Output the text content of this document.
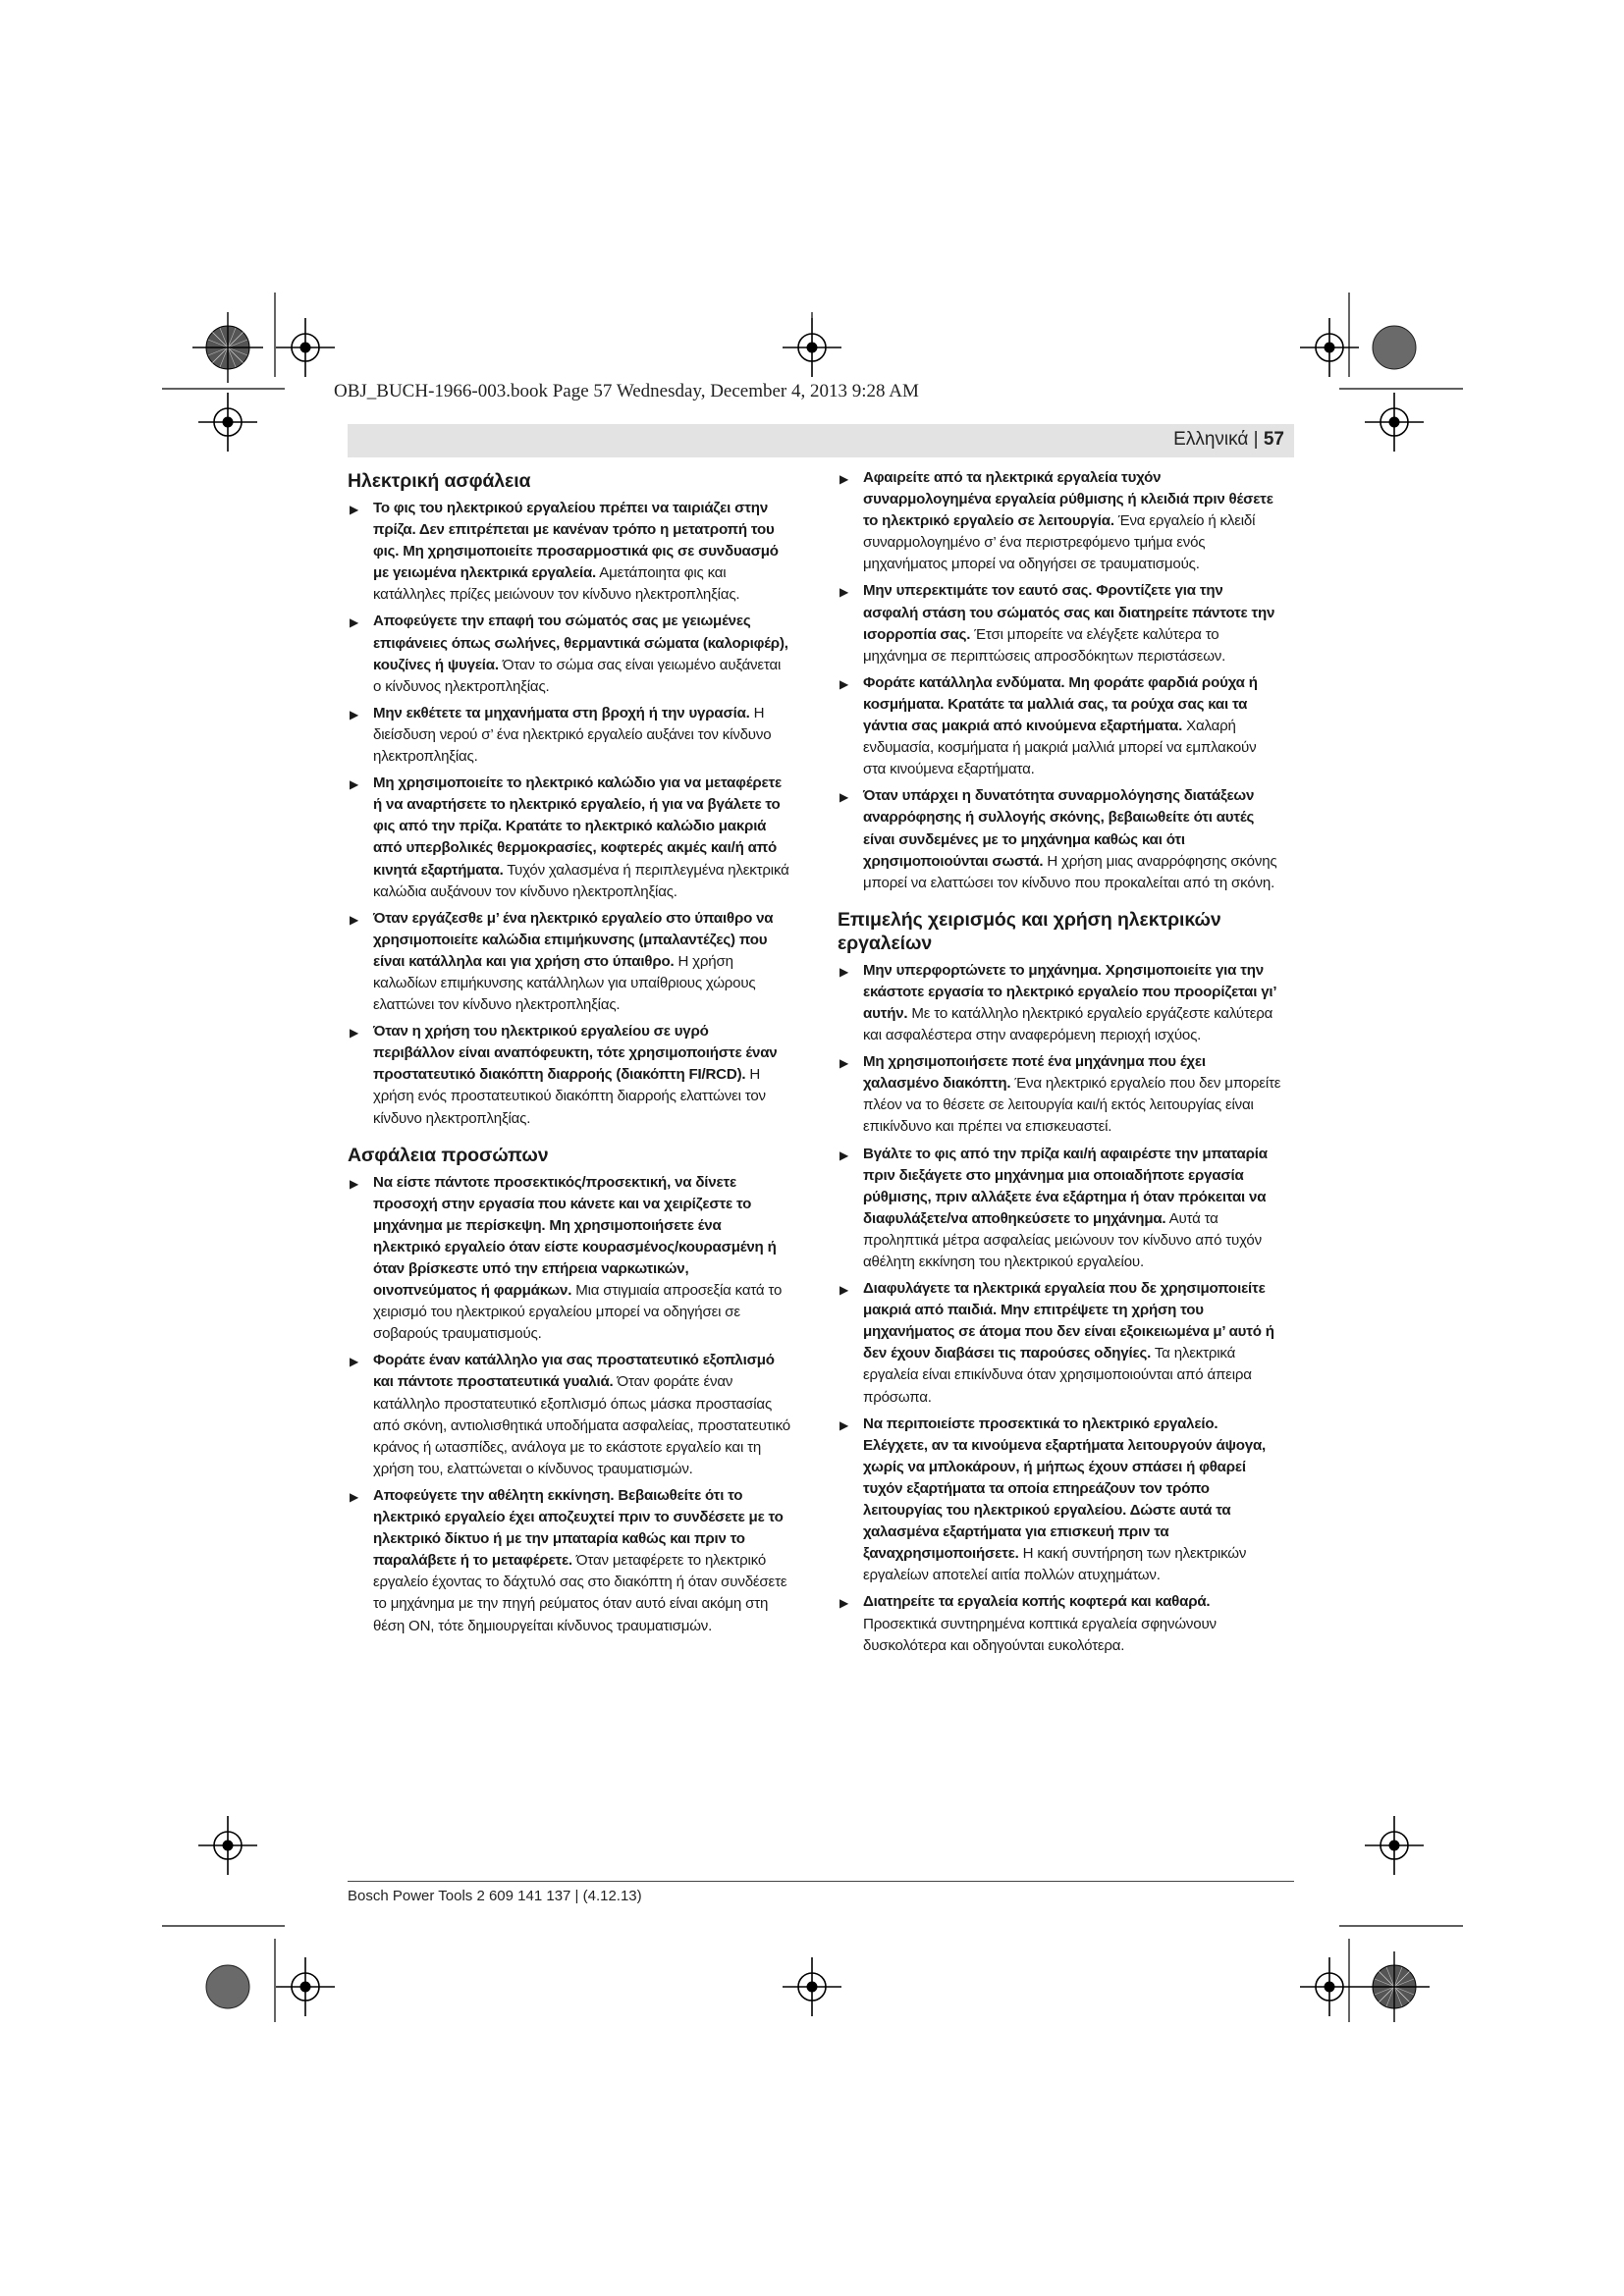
OBJ_BUCH-1966-003.book Page 57 Wednesday, December 4, 2013 9:28 AM
Ελληνικά | 57
Ηλεκτρική ασφάλεια

▶ Το φις του ηλεκτρικού εργαλείου πρέπει να ταιριάζει στην πρίζα. Δεν επιτρέπεται με κανέναν τρόπο η μετατροπή του φις. Μη χρησιμοποιείτε προσαρμοστικά φις σε συνδυασμό με γειωμένα ηλεκτρικά εργαλεία. Αμετάποιητα φις και κατάλληλες πρίζες μειώνουν τον κίνδυνο ηλεκτροπληξίας.

▶ Αποφεύγετε την επαφή του σώματός σας με γειωμένες επιφάνειες όπως σωλήνες, θερμαντικά σώματα (καλοριφέρ), κουζίνες ή ψυγεία. Όταν το σώμα σας είναι γειωμένο αυξάνεται ο κίνδυνος ηλεκτροπληξίας.

▶ Μην εκθέτετε τα μηχανήματα στη βροχή ή την υγρασία. Η διείσδυση νερού σ’ ένα ηλεκτρικό εργαλείο αυξάνει τον κίνδυνο ηλεκτροπληξίας.

▶ Μη χρησιμοποιείτε το ηλεκτρικό καλώδιο για να μεταφέρετε ή να αναρτήσετε το ηλεκτρικό εργαλείο, ή για να βγάλετε το φις από την πρίζα. Κρατάτε το ηλεκτρικό καλώδιο μακριά από υπερβολικές θερμοκρασίες, κοφτερές ακμές και/ή από κινητά εξαρτήματα. Τυχόν χαλασμένα ή περιπλεγμένα ηλεκτρικά καλώδια αυξάνουν τον κίνδυνο ηλεκτροπληξίας.

▶ Όταν εργάζεσθε μ’ ένα ηλεκτρικό εργαλείο στο ύπαιθρο να χρησιμοποιείτε καλώδια επιμήκυνσης (μπαλαντέζες) που είναι κατάλληλα και για χρήση στο ύπαιθρο. Η χρήση καλωδίων επιμήκυνσης κατάλληλων για υπαίθριους χώρους ελαττώνει τον κίνδυνο ηλεκτροπληξίας.

▶ Όταν η χρήση του ηλεκτρικού εργαλείου σε υγρό περιβάλλον είναι αναπόφευκτη, τότε χρησιμοποιήστε έναν προστατευτικό διακόπτη διαρροής (διακόπτη FI/RCD). Η χρήση ενός προστατευτικού διακόπτη διαρροής ελαττώνει τον κίνδυνο ηλεκτροπληξίας.

Ασφάλεια προσώπων

▶ Να είστε πάντοτε προσεκτικός/προσεκτική, να δίνετε προσοχή στην εργασία που κάνετε και να χειρίζεστε το μηχάνημα με περίσκεψη. Μη χρησιμοποιήσετε ένα ηλεκτρικό εργαλείο όταν είστε κουρασμένος/κουρασμένη ή όταν βρίσκεστε υπό την επήρεια ναρκωτικών, οινοπνεύματος ή φαρμάκων. Μια στιγμιαία απροσεξία κατά το χειρισμό του ηλεκτρικού εργαλείου μπορεί να οδηγήσει σε σοβαρούς τραυματισμούς.

▶ Φοράτε έναν κατάλληλο για σας προστατευτικό εξοπλισμό και πάντοτε προστατευτικά γυαλιά. Όταν φοράτε έναν κατάλληλο προστατευτικό εξοπλισμό όπως μάσκα προστασίας από σκόνη, αντιολισθητικά υποδήματα ασφαλείας, προστατευτικό κράνος ή ωτασπίδες, ανάλογα με το εκάστοτε εργαλείο και τη χρήση του, ελαττώνεται ο κίνδυνος τραυματισμών.

▶ Αποφεύγετε την αθέλητη εκκίνηση. Βεβαιωθείτε ότι το ηλεκτρικό εργαλείο έχει αποζευχτεί πριν το συνδέσετε με το ηλεκτρικό δίκτυο ή με την μπαταρία καθώς και πριν το παραλάβετε ή το μεταφέρετε. Όταν μεταφέρετε το ηλεκτρικό εργαλείο έχοντας το δάχτυλό σας στο διακόπτη ή όταν συνδέσετε το μηχάνημα με την πηγή ρεύματος όταν αυτό είναι ακόμη στη θέση ON, τότε δημιουργείται κίνδυνος τραυματισμών.

▶ Αφαιρείτε από τα ηλεκτρικά εργαλεία τυχόν συναρμολογημένα εργαλεία ρύθμισης ή κλειδιά πριν θέσετε το ηλεκτρικό εργαλείο σε λειτουργία. Ένα εργαλείο ή κλειδί συναρμολογημένο σ’ ένα περιστρεφόμενο τμήμα ενός μηχανήματος μπορεί να οδηγήσει σε τραυματισμούς.

▶ Μην υπερεκτιμάτε τον εαυτό σας. Φροντίζετε για την ασφαλή στάση του σώματός σας και διατηρείτε πάντοτε την ισορροπία σας. Έτσι μπορείτε να ελέγξετε καλύτερα το μηχάνημα σε περιπτώσεις απροσδόκητων περιστάσεων.

▶ Φοράτε κατάλληλα ενδύματα. Μη φοράτε φαρδιά ρούχα ή κοσμήματα. Κρατάτε τα μαλλιά σας, τα ρούχα σας και τα γάντια σας μακριά από κινούμενα εξαρτήματα. Χαλαρή ενδυμασία, κοσμήματα ή μακριά μαλλιά μπορεί να εμπλακούν στα κινούμενα εξαρτήματα.

▶ Όταν υπάρχει η δυνατότητα συναρμολόγησης διατάξεων αναρρόφησης ή συλλογής σκόνης, βεβαιωθείτε ότι αυτές είναι συνδεμένες με το μηχάνημα καθώς και ότι χρησιμοποιούνται σωστά. Η χρήση μιας αναρρόφησης σκόνης μπορεί να ελαττώσει τον κίνδυνο που προκαλείται από τη σκόνη.

Επιμελής χειρισμός και χρήση ηλεκτρικών εργαλείων

▶ Μην υπερφορτώνετε το μηχάνημα. Χρησιμοποιείτε για την εκάστοτε εργασία το ηλεκτρικό εργαλείο που προορίζεται γι’ αυτήν. Με το κατάλληλο ηλεκτρικό εργαλείο εργάζεστε καλύτερα και ασφαλέστερα στην αναφερόμενη περιοχή ισχύος.

▶ Μη χρησιμοποιήσετε ποτέ ένα μηχάνημα που έχει χαλασμένο διακόπτη. Ένα ηλεκτρικό εργαλείο που δεν μπορείτε πλέον να το θέσετε σε λειτουργία και/ή εκτός λειτουργίας είναι επικίνδυνο και πρέπει να επισκευαστεί.

▶ Βγάλτε το φις από την πρίζα και/ή αφαιρέστε την μπαταρία πριν διεξάγετε στο μηχάνημα μια οποιαδήποτε εργασία ρύθμισης, πριν αλλάξετε ένα εξάρτημα ή όταν πρόκειται να διαφυλάξετε/να αποθηκεύσετε το μηχάνημα. Αυτά τα προληπτικά μέτρα ασφαλείας μειώνουν τον κίνδυνο από τυχόν αθέλητη εκκίνηση του ηλεκτρικού εργαλείου.

▶ Διαφυλάγετε τα ηλεκτρικά εργαλεία που δε χρησιμοποιείτε μακριά από παιδιά. Μην επιτρέψετε τη χρήση του μηχανήματος σε άτομα που δεν είναι εξοικειωμένα μ’ αυτό ή δεν έχουν διαβάσει τις παρούσες οδηγίες. Τα ηλεκτρικά εργαλεία είναι επικίνδυνα όταν χρησιμοποιούνται από άπειρα πρόσωπα.

▶ Να περιποιείστε προσεκτικά το ηλεκτρικό εργαλείο. Ελέγχετε, αν τα κινούμενα εξαρτήματα λειτουργούν άψογα, χωρίς να μπλοκάρουν, ή μήπως έχουν σπάσει ή φθαρεί τυχόν εξαρτήματα τα οποία επηρεάζουν τον τρόπο λειτουργίας του ηλεκτρικού εργαλείου. Δώστε αυτά τα χαλασμένα εξαρτήματα για επισκευή πριν τα ξαναχρησιμοποιήσετε. Η κακή συντήρηση των ηλεκτρικών εργαλείων αποτελεί αιτία πολλών ατυχημάτων.

▶ Διατηρείτε τα εργαλεία κοπής κοφτερά και καθαρά. Προσεκτικά συντηρημένα κοπτικά εργαλεία σφηνώνουν δυσκολότερα και οδηγούνται ευκολότερα.

Bosch Power Tools 2 609 141 137 | (4.12.13)
